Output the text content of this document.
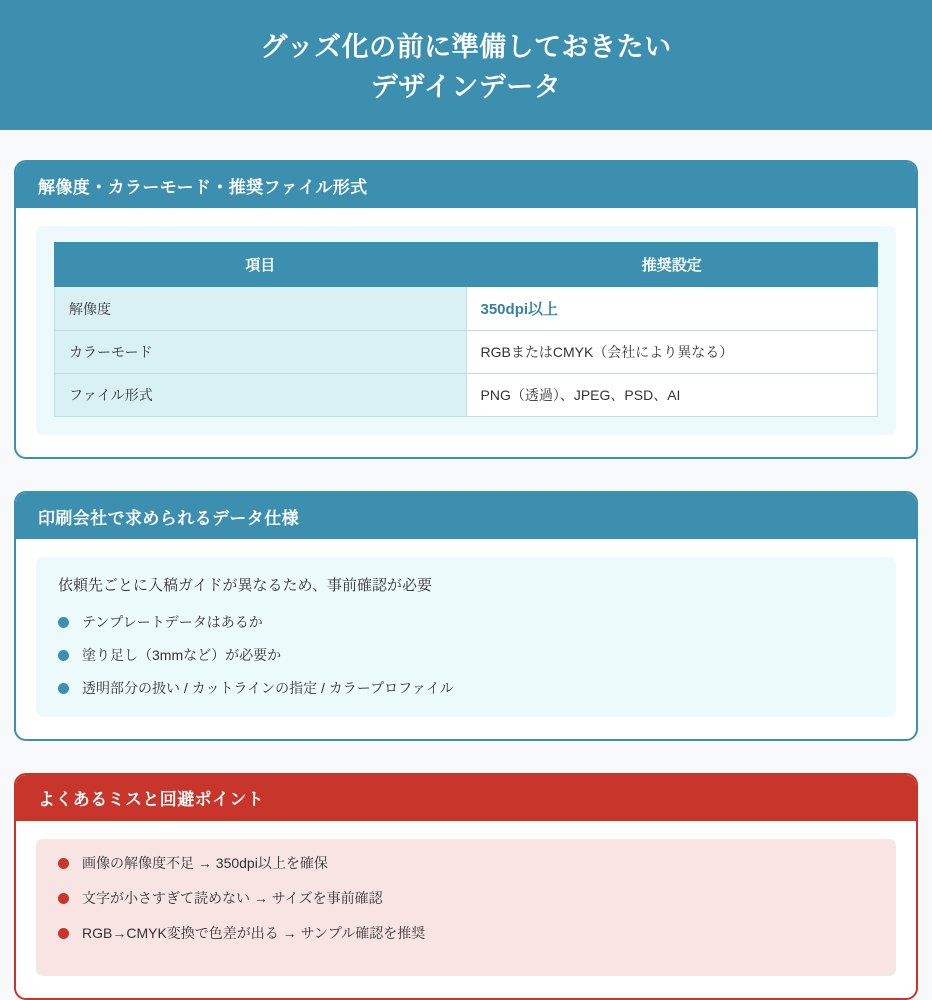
グッズ化の前に準備しておきたい
デザインデータ
解像度・カラーモード・推奨ファイル形式
項目	推奨設定
解像度	350dpi以上
カラーモード	RGBまたはCMYK（会社により異なる）
ファイル形式	PNG（透過）、JPEG、PSD、AI
印刷会社で求められるデータ仕様

依頼先ごとに入稿ガイドが異なるため、事前確認が必要

テンプレートデータはあるか
塗り足し（3mmなど）が必要か
透明部分の扱い / カットラインの指定 / カラープロファイル
よくあるミスと回避ポイント
画像の解像度不足 → 350dpi以上を確保
文字が小さすぎて読めない → サイズを事前確認
RGB→CMYK変換で色差が出る → サンプル確認を推奨
